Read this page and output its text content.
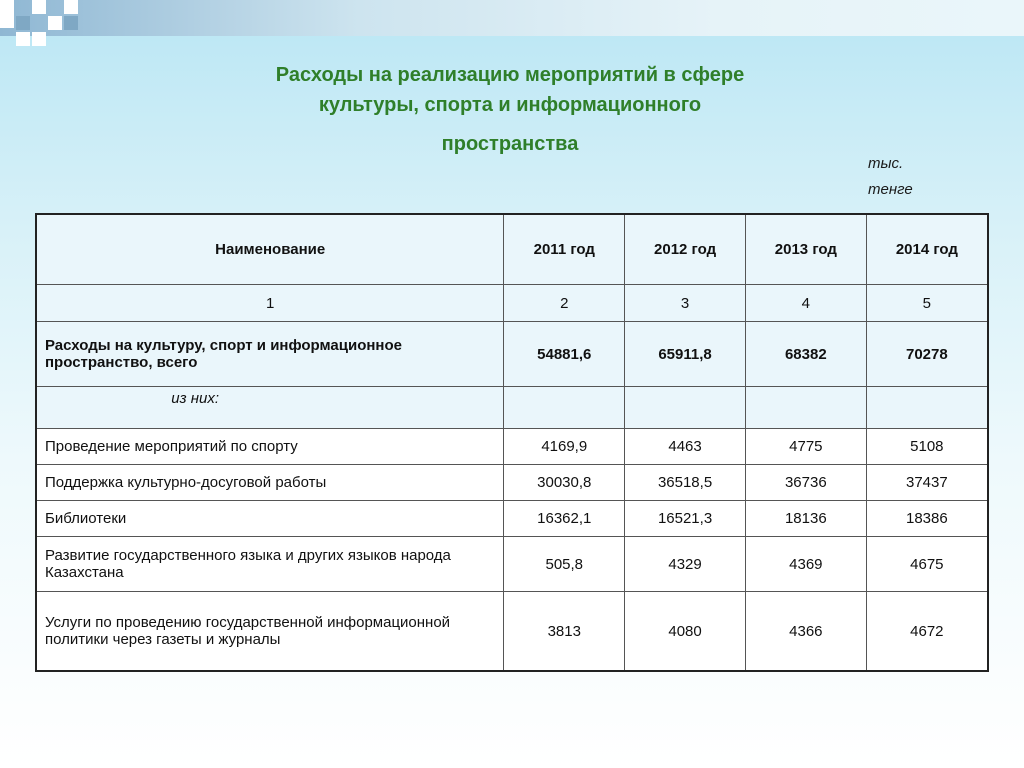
Расходы на реализацию мероприятий в сфере
культуры, спорта и информационного
пространства
тыс.
тенге
Наименование	2011 год	2012 год	2013 год	2014 год
1	2	3	4	5
Расходы на культуру, спорт и информационное пространство, всего	54881,6	65911,8	68382	70278
из них:				
Проведение мероприятий по спорту	4169,9	4463	4775	5108
Поддержка культурно-досуговой работы	30030,8	36518,5	36736	37437
Библиотеки	16362,1	16521,3	18136	18386
Развитие государственного языка и других языков народа Казахстана	505,8	4329	4369	4675
Услуги по проведению государственной информационной политики через газеты и журналы	3813	4080	4366	4672
